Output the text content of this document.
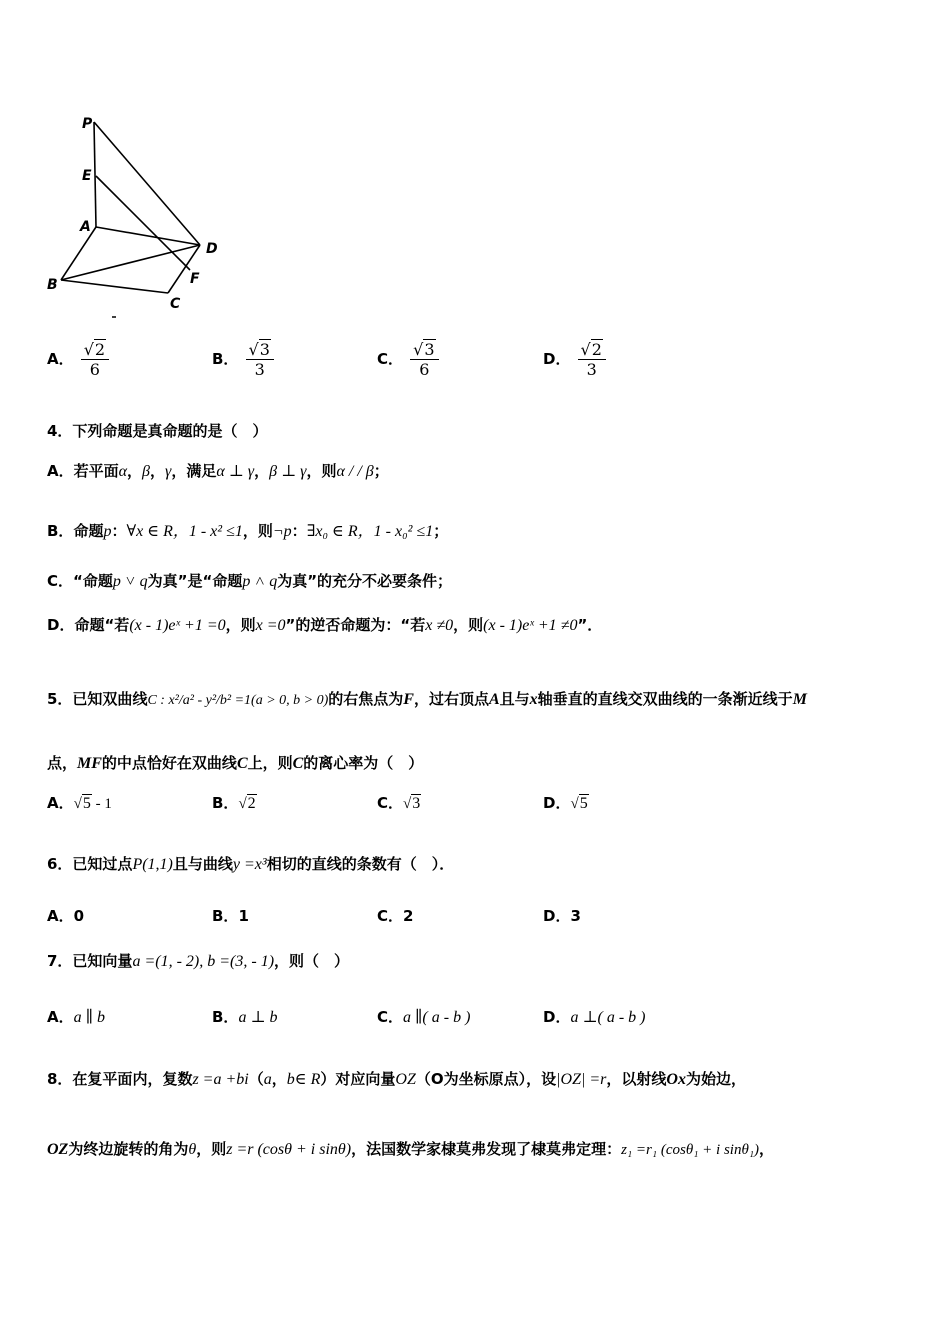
P
E
A
D
F
B
C
A． $\frac{√2}{6}$	B． $\frac{√3}{3}$	C． $\frac{√3}{6}$	D． $\frac{√2}{3}$
4．下列命题是真命题的是（　）
A．若平面α，β，γ，满足α ⊥ γ，β ⊥ γ，则α / / β；
B．命题p：∀x ∈ R，1 - x² ≤1，则¬p：∃x₀ ∈ R，1 - x₀² ≤1；
C．“命题p ˅ q为真”是“命题p ˄ q为真”的充分不必要条件；
D．命题“若(x - 1)eˣ +1 =0，则x =0”的逆否命题为：“若x ≠0，则(x - 1)eˣ +1 ≠0”．
5．已知双曲线C : x²/a² - y²/b² =1(a > 0, b > 0)的右焦点为F，过右顶点A且与x轴垂直的直线交双曲线的一条渐近线于M
点，MF的中点恰好在双曲线C上，则C的离心率为（　）
A．√5 - 1	B．√2	C．√3	D．√5
6．已知过点P(1,1)且与曲线y =x³相切的直线的条数有（　）．
A．0	B．1	C．2	D．3
7．已知向量a =(1, - 2), b =(3, - 1)，则（　）
A．a ∥ b	B．a ⊥ b	C．a ∥( a - b )	D．a ⊥( a - b )
8．在复平面内，复数z =a +bi（a，b∈ R）对应向量OZ（O为坐标原点），设|OZ| =r，以射线Ox为始边，
OZ为终边旋转的角为θ，则z =r (cosθ + i sinθ)，法国数学家棣莫弗发现了棣莫弗定理：z₁ =r₁ (cosθ₁ + i sinθ₁)，
